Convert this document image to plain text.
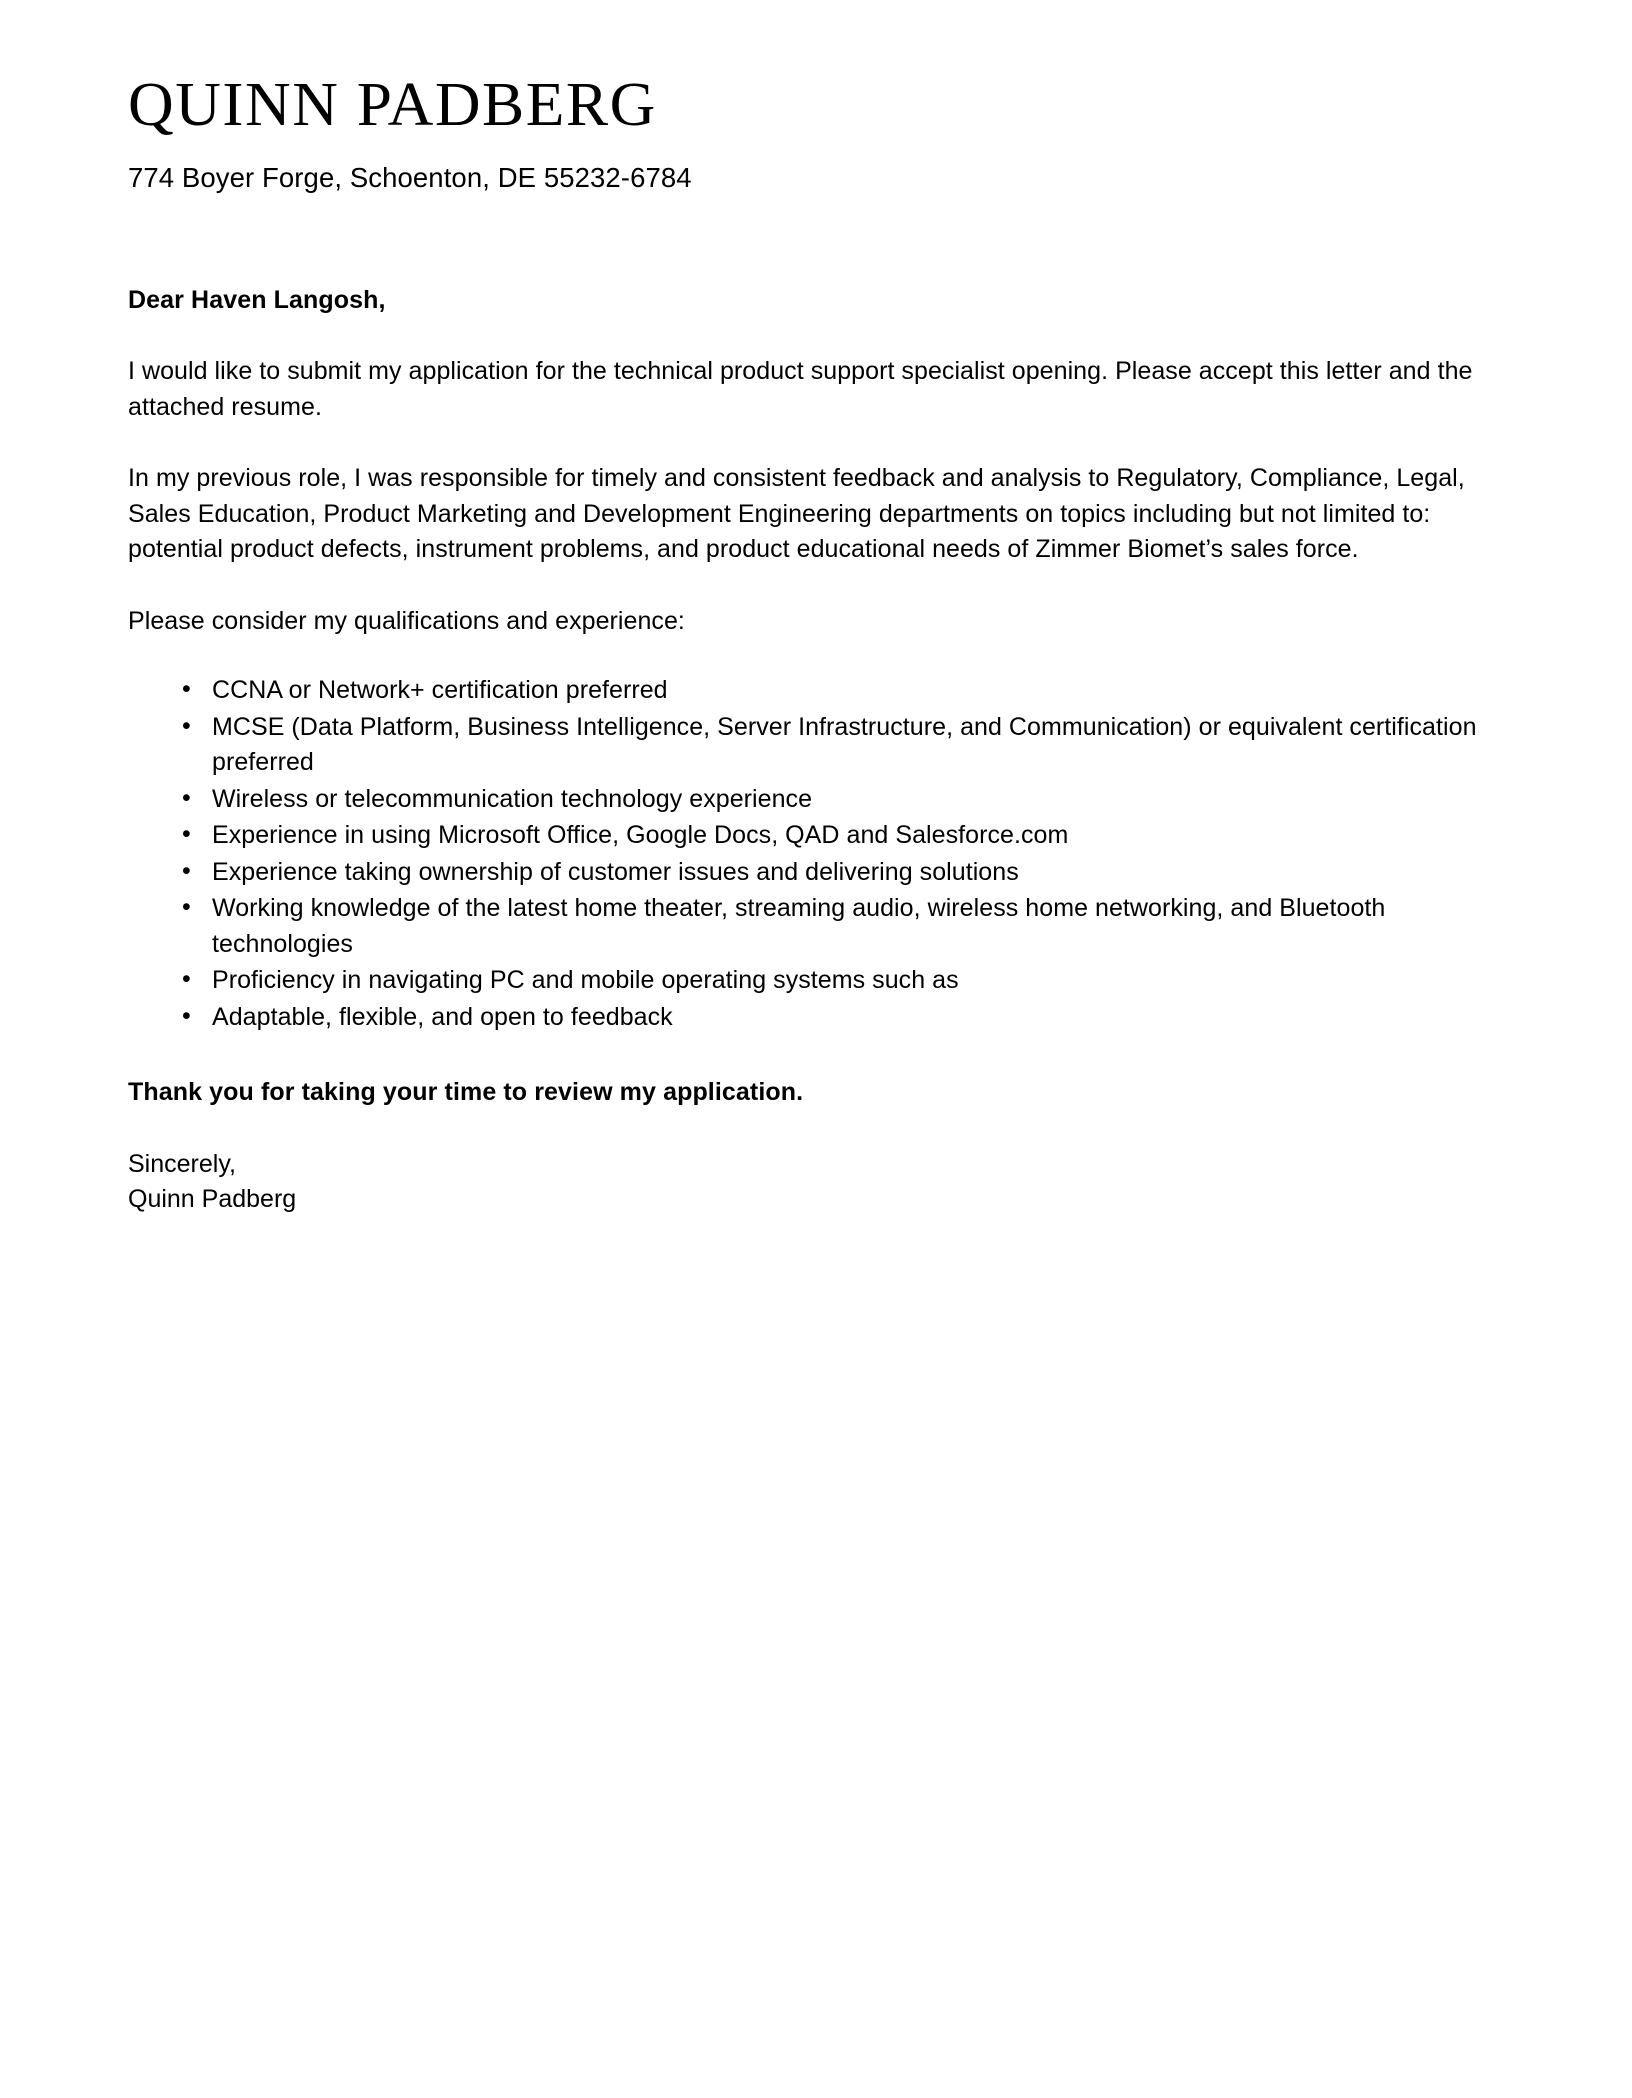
QUINN PADBERG
774 Boyer Forge, Schoenton, DE 55232-6784

Dear Haven Langosh,

I would like to submit my application for the technical product support specialist opening. Please accept this letter and the attached resume.

In my previous role, I was responsible for timely and consistent feedback and analysis to Regulatory, Compliance, Legal, Sales Education, Product Marketing and Development Engineering departments on topics including but not limited to: potential product defects, instrument problems, and product educational needs of Zimmer Biomet’s sales force.

Please consider my qualifications and experience:

• CCNA or Network+ certification preferred
• MCSE (Data Platform, Business Intelligence, Server Infrastructure, and Communication) or equivalent certification preferred
• Wireless or telecommunication technology experience
• Experience in using Microsoft Office, Google Docs, QAD and Salesforce.com
• Experience taking ownership of customer issues and delivering solutions
• Working knowledge of the latest home theater, streaming audio, wireless home networking, and Bluetooth technologies
• Proficiency in navigating PC and mobile operating systems such as
• Adaptable, flexible, and open to feedback

Thank you for taking your time to review my application.

Sincerely,
Quinn Padberg
